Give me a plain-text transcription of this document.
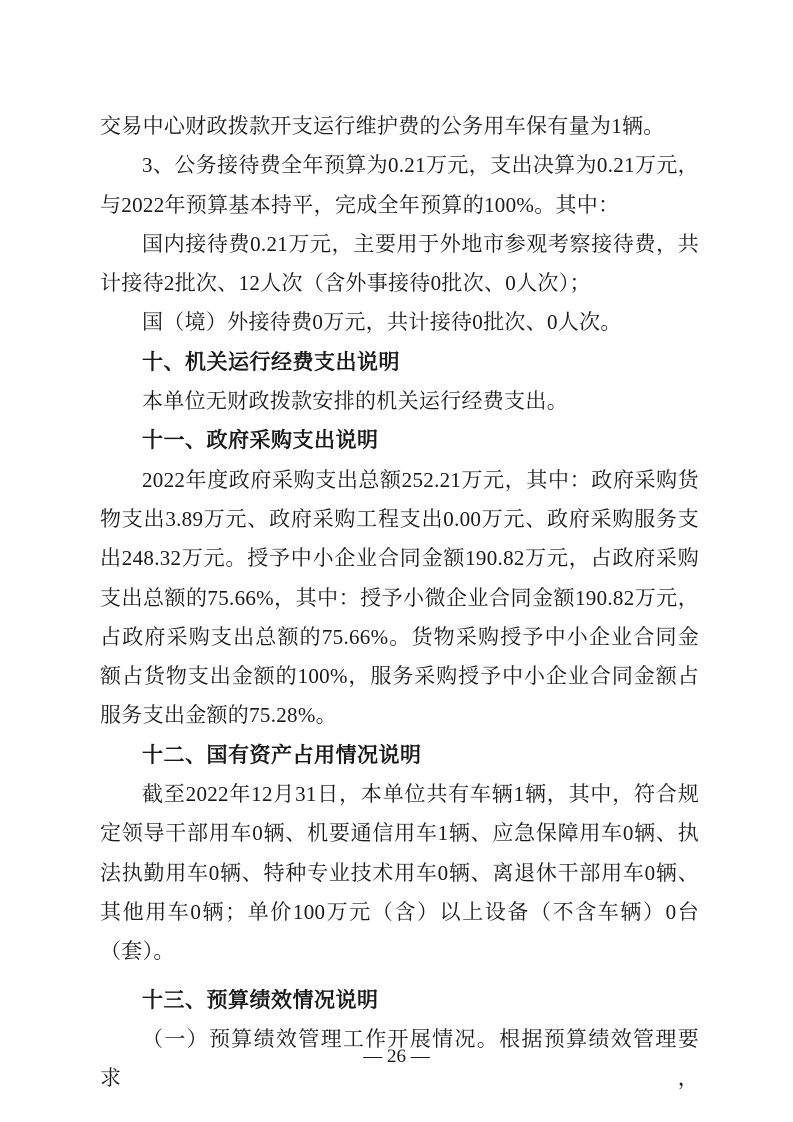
交易中心财政拨款开支运行维护费的公务用车保有量为1辆。

3、公务接待费全年预算为0.21万元，支出决算为0.21万元，与2022年预算基本持平，完成全年预算的100%。其中：

国内接待费0.21万元，主要用于外地市参观考察接待费，共计接待2批次、12人次（含外事接待0批次、0人次）；

国（境）外接待费0万元，共计接待0批次、0人次。

十、机关运行经费支出说明

本单位无财政拨款安排的机关运行经费支出。

十一、政府采购支出说明

2022年度政府采购支出总额252.21万元，其中：政府采购货物支出3.89万元、政府采购工程支出0.00万元、政府采购服务支出248.32万元。授予中小企业合同金额190.82万元，占政府采购支出总额的75.66%，其中：授予小微企业合同金额190.82万元，占政府采购支出总额的75.66%。货物采购授予中小企业合同金额占货物支出金额的100%，服务采购授予中小企业合同金额占服务支出金额的75.28%。

十二、国有资产占用情况说明

截至2022年12月31日，本单位共有车辆1辆，其中，符合规定领导干部用车0辆、机要通信用车1辆、应急保障用车0辆、执法执勤用车0辆、特种专业技术用车0辆、离退休干部用车0辆、其他用车0辆；单价100万元（含）以上设备（不含车辆）0台（套）。

十三、预算绩效情况说明

（一）预算绩效管理工作开展情况。根据预算绩效管理要求，

— 26 —
